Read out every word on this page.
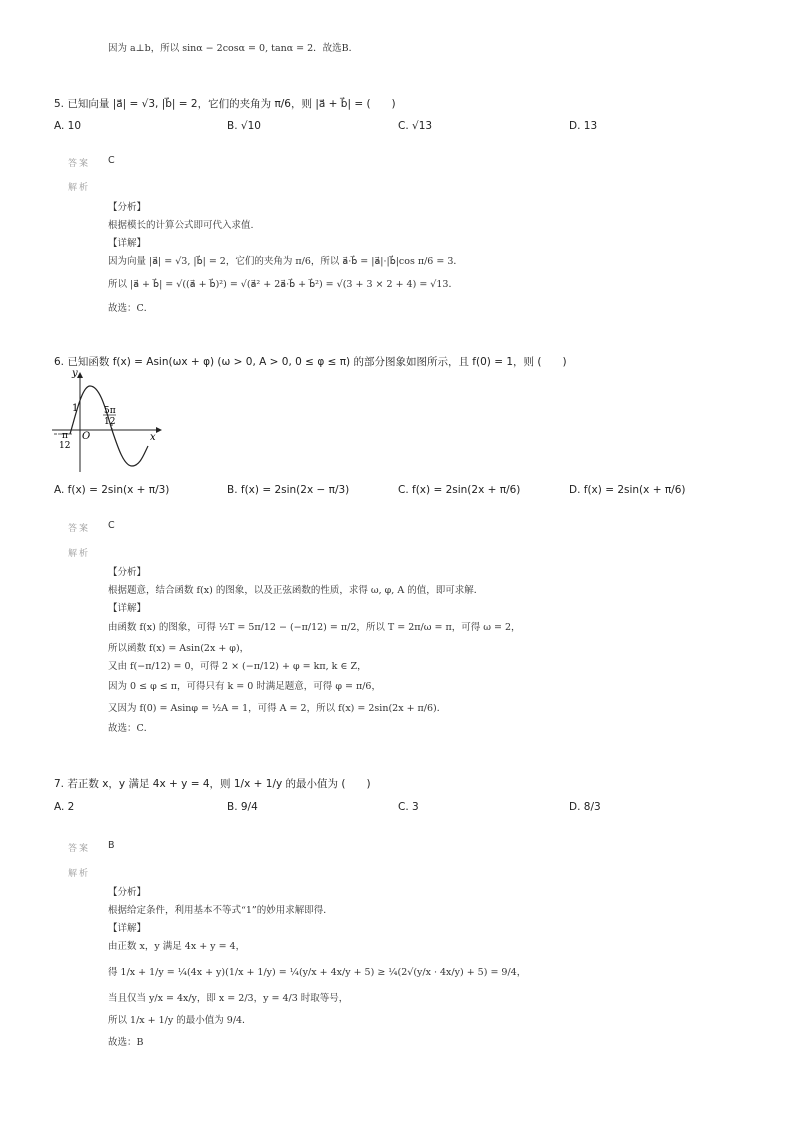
因为 a⊥b，所以 sinα − 2cosα = 0, tanα = 2．故选B．
5. 已知向量 |a⃗| = √3, |b⃗| = 2，它们的夹角为 π/6，则 |a⃗ + b⃗| = (　　)
A. 10	B. √10	C. √13	D. 13
答案 C
解析
【分析】
根据模长的计算公式即可代入求值.
【详解】
因为向量 |a⃗| = √3, |b⃗| = 2，它们的夹角为 π/6，所以 a⃗·b⃗ = |a⃗|·|b⃗|cos π/6 = 3．
所以 |a⃗ + b⃗| = √((a⃗ + b⃗)²) = √(a⃗² + 2a⃗·b⃗ + b⃗²) = √(3 + 3 × 2 + 4) = √13．
故选：C．
6. 已知函数 f(x) = Asin(ωx + φ) (ω > 0, A > 0, 0 ≤ φ ≤ π) 的部分图象如图所示，且 f(0) = 1，则 (　　)
y
x
O
1	5π
12
π
12
A. f(x) = 2sin(x + π/3)	B. f(x) = 2sin(2x − π/3)	C. f(x) = 2sin(2x + π/6)	D. f(x) = 2sin(x + π/6)
答案 C
解析
【分析】
根据题意，结合函数 f(x) 的图象，以及正弦函数的性质，求得 ω, φ, A 的值，即可求解．
【详解】
由函数 f(x) 的图象，可得 ½T = 5π/12 − (−π/12) = π/2，所以 T = 2π/ω = π，可得 ω = 2，
所以函数 f(x) = Asin(2x + φ)，
又由 f(−π/12) = 0，可得 2 × (−π/12) + φ = kπ, k ∈ Z，
因为 0 ≤ φ ≤ π，可得只有 k = 0 时满足题意，可得 φ = π/6，
又因为 f(0) = Asinφ = ½A = 1，可得 A = 2，所以 f(x) = 2sin(2x + π/6)．
故选：C．
7. 若正数 x，y 满足 4x + y = 4，则 1/x + 1/y 的最小值为 (　　)
A. 2	B. 9/4	C. 3	D. 8/3
答案 B
解析
【分析】
根据给定条件，利用基本不等式“1”的妙用求解即得．
【详解】
由正数 x，y 满足 4x + y = 4，
得 1/x + 1/y = ¼(4x + y)(1/x + 1/y) = ¼(y/x + 4x/y + 5) ≥ ¼(2√(y/x · 4x/y) + 5) = 9/4，
当且仅当 y/x = 4x/y，即 x = 2/3，y = 4/3 时取等号，
所以 1/x + 1/y 的最小值为 9/4．
故选：B
